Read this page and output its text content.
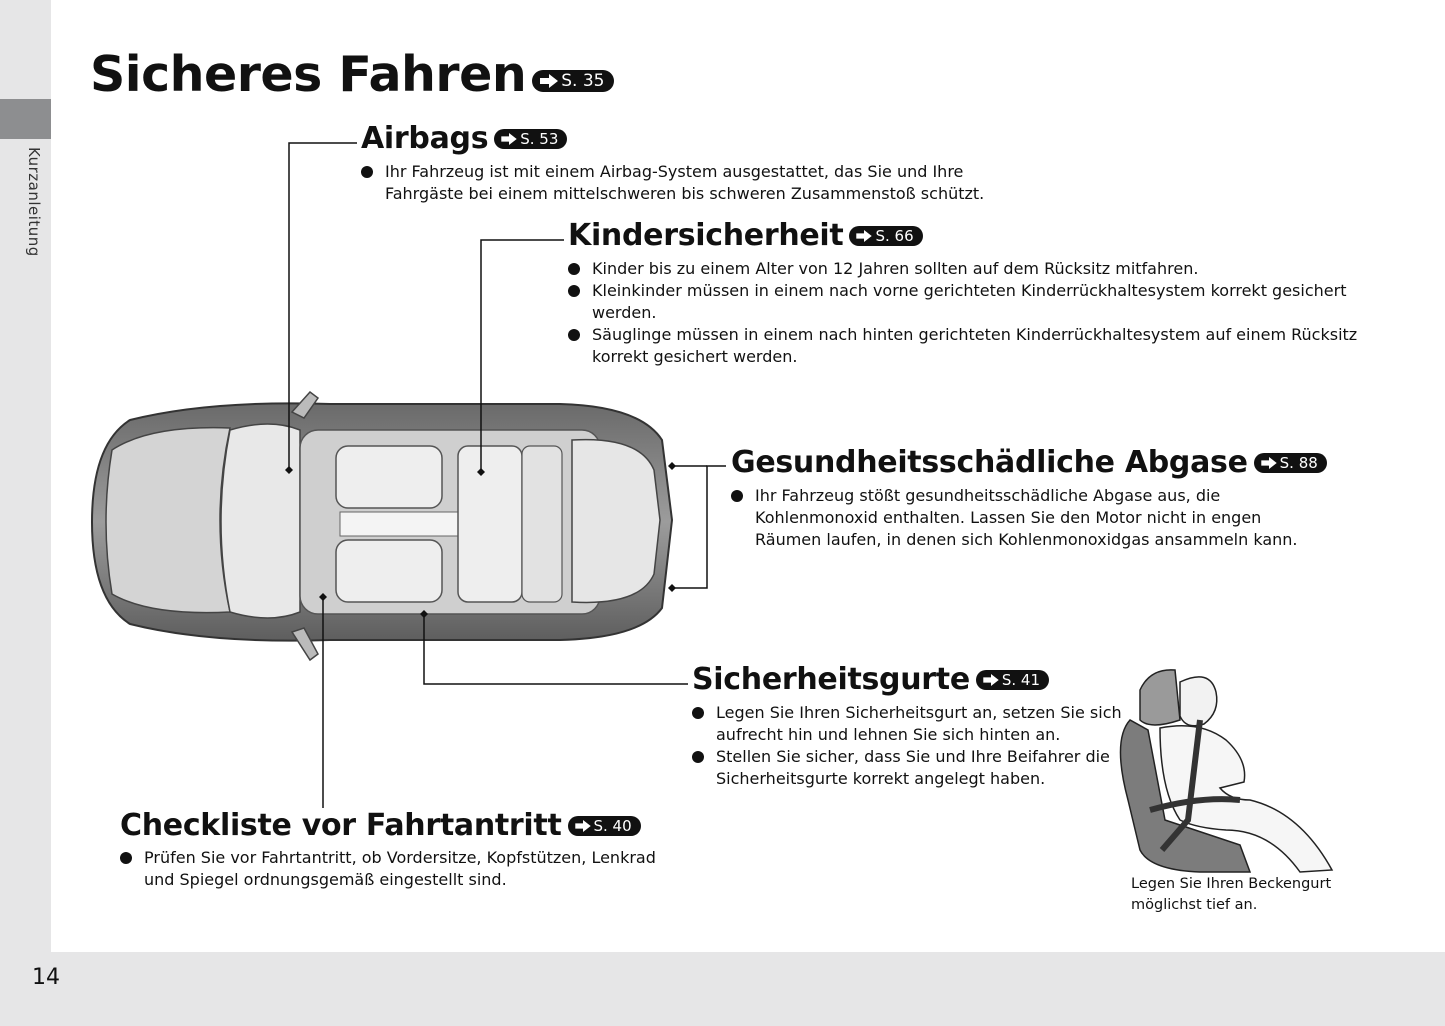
Kurzanleitung
14
Sicheres Fahren S. 35
Airbags S. 53
Ihr Fahrzeug ist mit einem Airbag-System ausgestattet, das Sie und Ihre Fahrgäste bei einem mittelschweren bis schweren Zusammenstoß schützt.
Kindersicherheit S. 66
Kinder bis zu einem Alter von 12 Jahren sollten auf dem Rücksitz mitfahren.
Kleinkinder müssen in einem nach vorne gerichteten Kinderrückhaltesystem korrekt gesichert werden.
Säuglinge müssen in einem nach hinten gerichteten Kinderrückhaltesystem auf einem Rücksitz korrekt gesichert werden.
Gesundheitsschädliche Abgase S. 88
Ihr Fahrzeug stößt gesundheitsschädliche Abgase aus, die Kohlenmonoxid enthalten. Lassen Sie den Motor nicht in engen Räumen laufen, in denen sich Kohlenmonoxidgas ansammeln kann.
Sicherheitsgurte S. 41
Legen Sie Ihren Sicherheitsgurt an, setzen Sie sich aufrecht hin und lehnen Sie sich hinten an.
Stellen Sie sicher, dass Sie und Ihre Beifahrer die Sicherheitsgurte korrekt angelegt haben.
Checkliste vor Fahrtantritt S. 40
Prüfen Sie vor Fahrtantritt, ob Vordersitze, Kopfstützen, Lenkrad und Spiegel ordnungsgemäß eingestellt sind.	Legen Sie Ihren Beckengurt möglichst tief an.
